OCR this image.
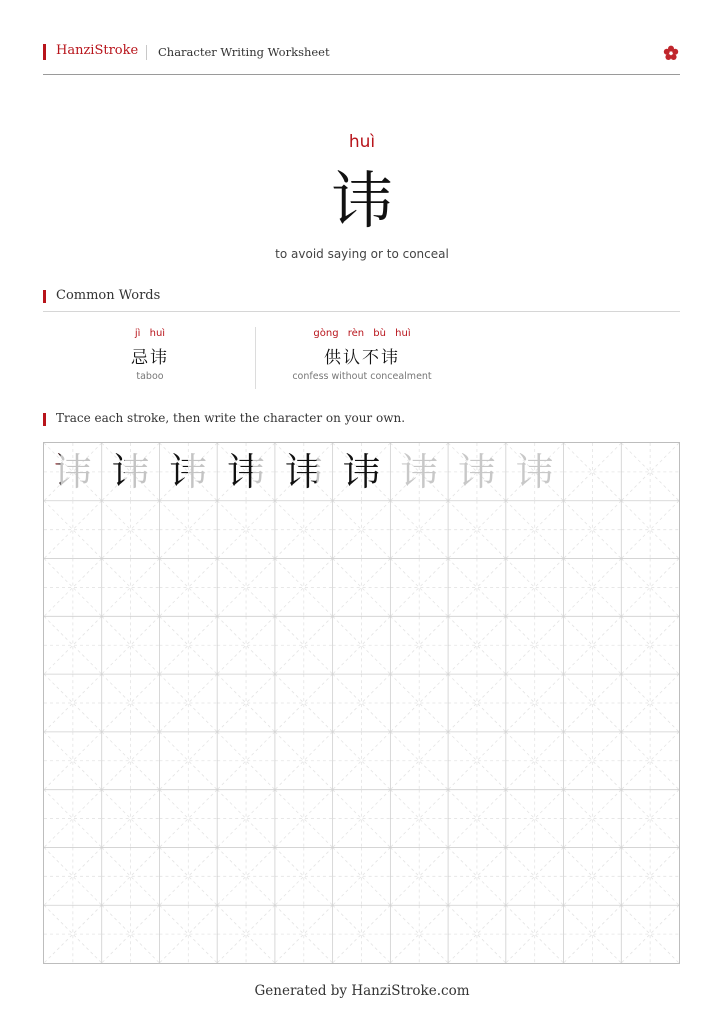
HanziStroke Character Writing Worksheet
huì
讳
to avoid saying or to conceal
Common Words
jì huì
忌讳
taboo
gòng rèn bù huì
供认不讳
confess without concealment
Trace each stroke, then write the character on your own.
讳 讳 讳 讳 讳 讳 讳 讳 讳
Generated by HanziStroke.com
